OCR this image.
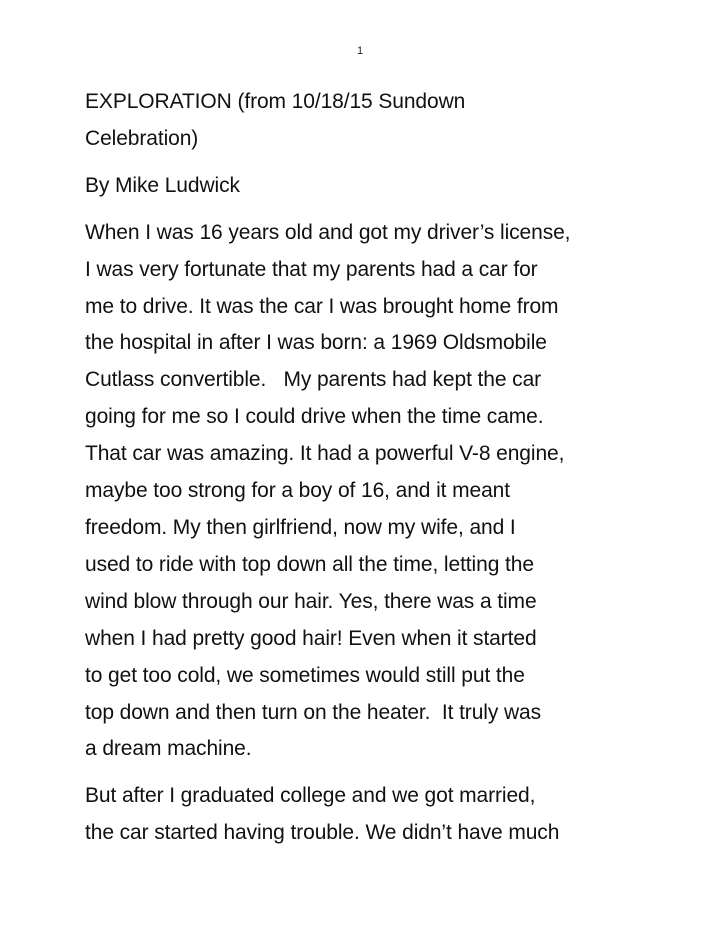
1

EXPLORATION (from 10/18/15 Sundown
Celebration)

By Mike Ludwick

When I was 16 years old and got my driver’s license,
I was very fortunate that my parents had a car for
me to drive. It was the car I was brought home from
the hospital in after I was born: a 1969 Oldsmobile
Cutlass convertible.   My parents had kept the car
going for me so I could drive when the time came.
That car was amazing. It had a powerful V-8 engine,
maybe too strong for a boy of 16, and it meant
freedom. My then girlfriend, now my wife, and I
used to ride with top down all the time, letting the
wind blow through our hair. Yes, there was a time
when I had pretty good hair! Even when it started
to get too cold, we sometimes would still put the
top down and then turn on the heater.  It truly was
a dream machine.

But after I graduated college and we got married,
the car started having trouble. We didn’t have much
